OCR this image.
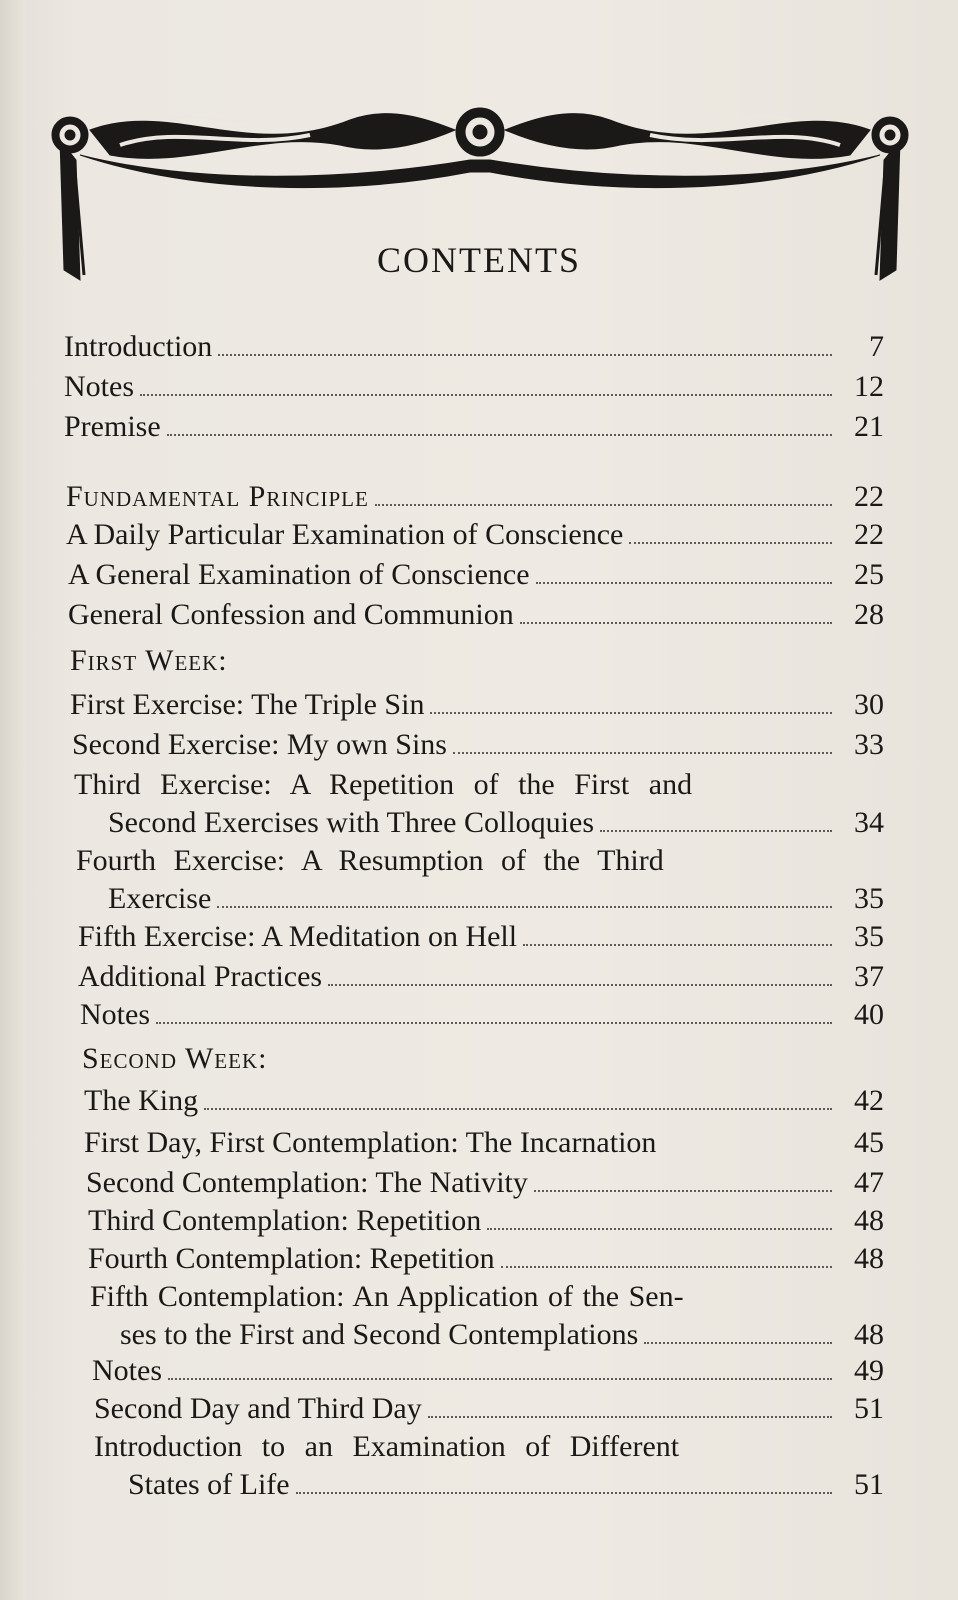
CONTENTS
Introduction	7
Notes	12
Premise	21
Fundamental Principle	22
A Daily Particular Examination of Conscience	22
A General Examination of Conscience	25
General Confession and Communion	28
First Week:
First Exercise: The Triple Sin	30
Second Exercise: My own Sins	33
Third Exercise: A Repetition of the First and
Second Exercises with Three Colloquies	34
Fourth Exercise: A Resumption of the Third
Exercise	35
Fifth Exercise: A Meditation on Hell	35
Additional Practices	37
Notes	40
Second Week:
The King	42
First Day, First Contemplation: The Incarnation	45
Second Contemplation: The Nativity	47
Third Contemplation: Repetition	48
Fourth Contemplation: Repetition	48
Fifth Contemplation: An Application of the Sen-
ses to the First and Second Contemplations	48
Notes	49
Second Day and Third Day	51
Introduction to an Examination of Different
States of Life	51
